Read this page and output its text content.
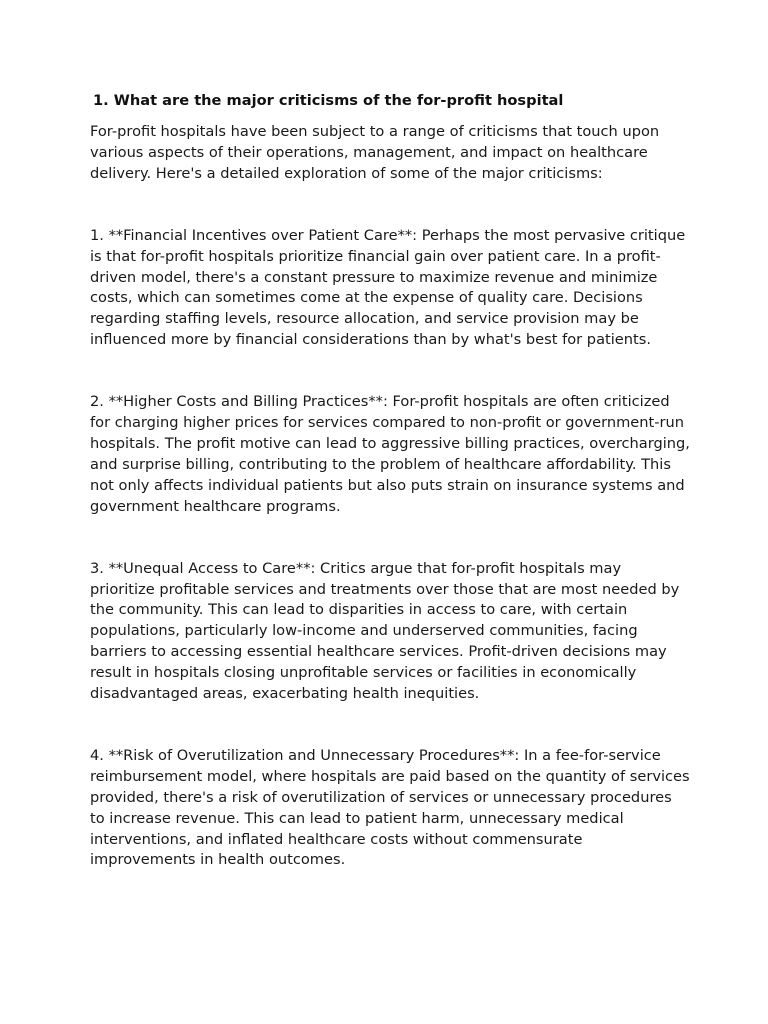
1. What are the major criticisms of the for-profit hospital

For-profit hospitals have been subject to a range of criticisms that touch upon various aspects of their operations, management, and impact on healthcare delivery. Here's a detailed exploration of some of the major criticisms:

1. **Financial Incentives over Patient Care**: Perhaps the most pervasive critique is that for-profit hospitals prioritize financial gain over patient care. In a profit-driven model, there's a constant pressure to maximize revenue and minimize costs, which can sometimes come at the expense of quality care. Decisions regarding staffing levels, resource allocation, and service provision may be influenced more by financial considerations than by what's best for patients.

2. **Higher Costs and Billing Practices**: For-profit hospitals are often criticized for charging higher prices for services compared to non-profit or government-run hospitals. The profit motive can lead to aggressive billing practices, overcharging, and surprise billing, contributing to the problem of healthcare affordability. This not only affects individual patients but also puts strain on insurance systems and government healthcare programs.

3. **Unequal Access to Care**: Critics argue that for-profit hospitals may prioritize profitable services and treatments over those that are most needed by the community. This can lead to disparities in access to care, with certain populations, particularly low-income and underserved communities, facing barriers to accessing essential healthcare services. Profit-driven decisions may result in hospitals closing unprofitable services or facilities in economically disadvantaged areas, exacerbating health inequities.

4. **Risk of Overutilization and Unnecessary Procedures**: In a fee-for-service reimbursement model, where hospitals are paid based on the quantity of services provided, there's a risk of overutilization of services or unnecessary procedures to increase revenue. This can lead to patient harm, unnecessary medical interventions, and inflated healthcare costs without commensurate improvements in health outcomes.
